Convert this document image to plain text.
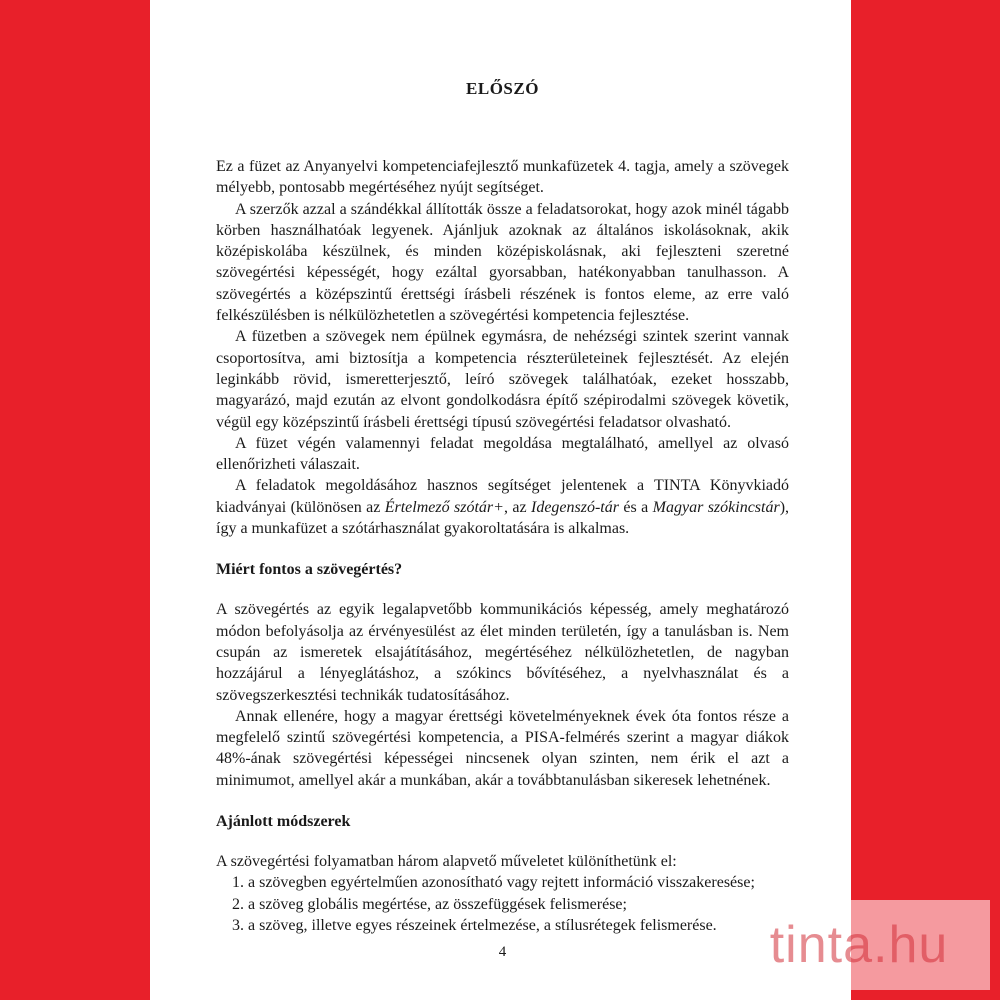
ELŐSZÓ

Ez a füzet az Anyanyelvi kompetenciafejlesztő munkafüzetek 4. tagja, amely a szövegek mélyebb, pontosabb megértéséhez nyújt segítséget.

A szerzők azzal a szándékkal állították össze a feladatsorokat, hogy azok minél tágabb körben használhatóak legyenek. Ajánljuk azoknak az általános iskolásoknak, akik középiskolába készülnek, és minden középiskolásnak, aki fejleszteni szeretné szövegértési képességét, hogy ezáltal gyorsabban, hatékonyabban tanulhasson. A szövegértés a középszintű érettségi írásbeli részének is fontos eleme, az erre való felkészülésben is nélkülözhetetlen a szövegértési kompetencia fejlesztése.

A füzetben a szövegek nem épülnek egymásra, de nehézségi szintek szerint vannak csoportosítva, ami biztosítja a kompetencia részterületeinek fejlesztését. Az elején leginkább rövid, ismeretterjesztő, leíró szövegek találhatóak, ezeket hosszabb, magyarázó, majd ezután az elvont gondolkodásra építő szépirodalmi szövegek követik, végül egy középszintű írásbeli érettségi típusú szövegértési feladatsor olvasható.

A füzet végén valamennyi feladat megoldása megtalálható, amellyel az olvasó ellenőrizheti válaszait.

A feladatok megoldásához hasznos segítséget jelentenek a TINTA Könyvkiadó kiadványai (különösen az Értelmező szótár+, az Idegenszó-tár és a Magyar szókincstár), így a munkafüzet a szótárhasználat gyakoroltatására is alkalmas.

Miért fontos a szövegértés?

A szövegértés az egyik legalapvetőbb kommunikációs képesség, amely meghatározó módon befolyásolja az érvényesülést az élet minden területén, így a tanulásban is. Nem csupán az ismeretek elsajátításához, megértéséhez nélkülözhetetlen, de nagyban hozzájárul a lényeglátáshoz, a szókincs bővítéséhez, a nyelvhasználat és a szövegszerkesztési technikák tudatosításához.

Annak ellenére, hogy a magyar érettségi követelményeknek évek óta fontos része a megfelelő szintű szövegértési kompetencia, a PISA-felmérés szerint a magyar diákok 48%-ának szövegértési képességei nincsenek olyan szinten, nem érik el azt a minimumot, amellyel akár a munkában, akár a továbbtanulásban sikeresek lehetnének.

Ajánlott módszerek

A szövegértési folyamatban három alapvető műveletet különíthetünk el:

1. a szövegben egyértelműen azonosítható vagy rejtett információ visszakeresése;
2. a szöveg globális megértése, az összefüggések felismerése;
3. a szöveg, illetve egyes részeinek értelmezése, a stílusrétegek felismerése.
4	tinta.hu
